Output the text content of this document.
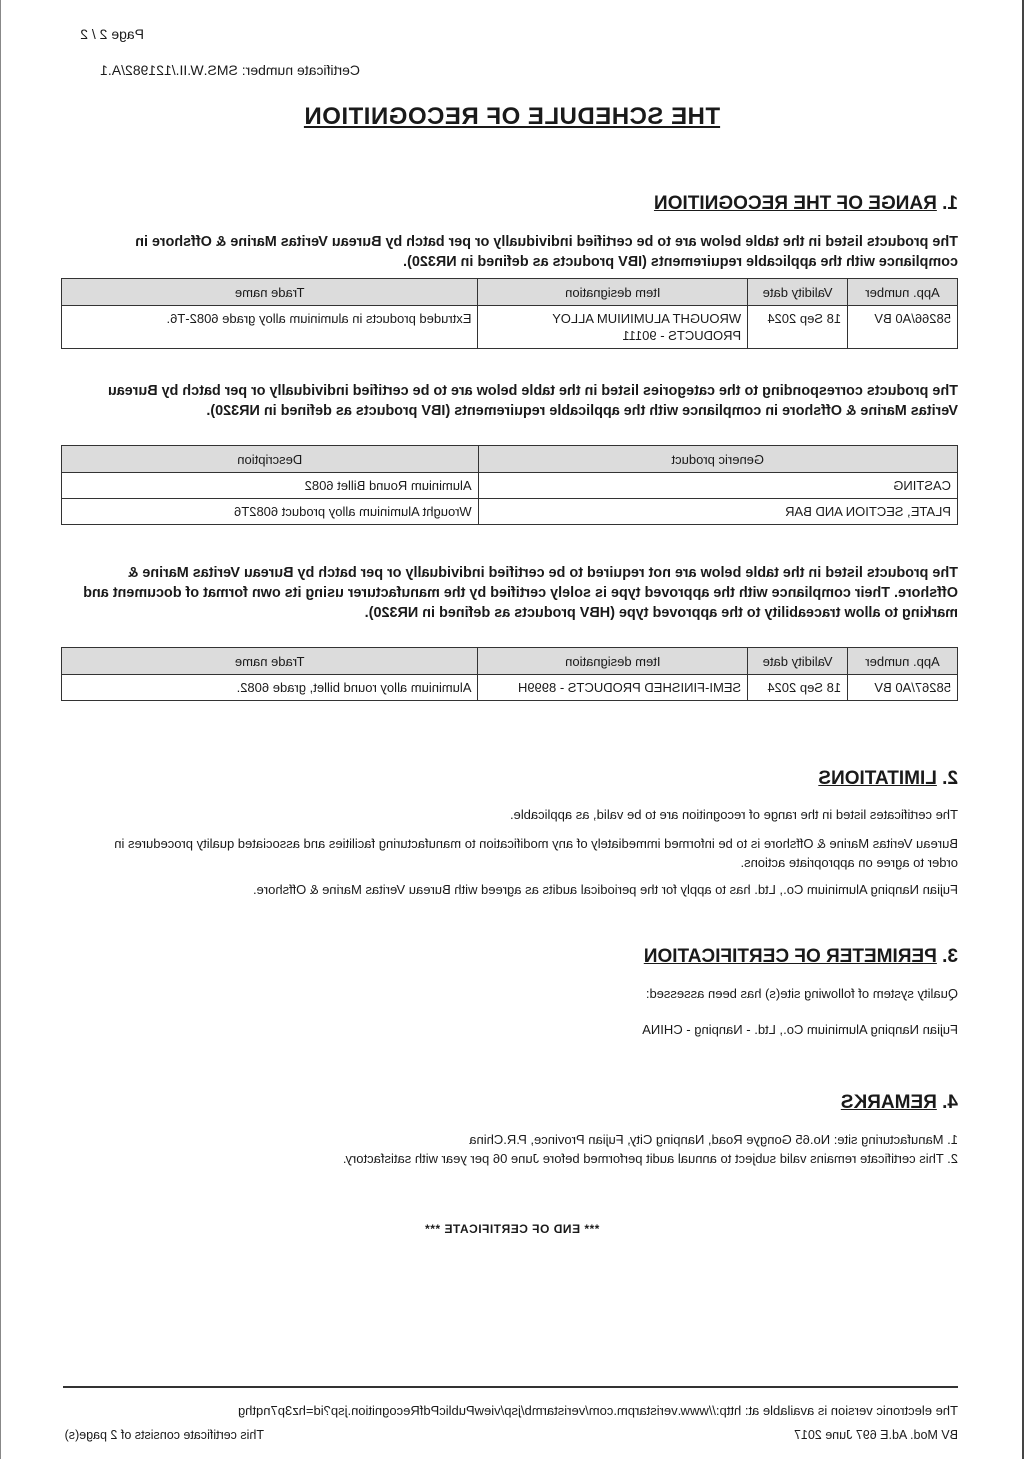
Page 2 / 2
Certificate number: SMS.W.II./121982/A.1
THE SCHEDULE OF RECOGNITION
1. RANGE OF THE RECOGNITION
The products listed in the table below are to be certified individually or per batch by Bureau Veritas Marine & Offshore in compliance with the applicable requirements (IBV products as defined in NR320).
App. number	Validity date	Item designation	Trade name
58266/A0 BV	18 Sep 2024	WROUGHT ALUMINIUM ALLOY PRODUCTS - 90111	Extruded products in aluminium alloy grade 6082-T6.
The products corresponding to the categories listed in the table below are to be certified individually or per batch by Bureau Veritas Marine & Offshore in compliance with the applicable requirements (IBV products as defined in NR320).
Generic product	Description
CASTING	Aluminium Round Billet 6082
PLATE, SECTION AND BAR	Wrought Aluminium alloy product 6082T6
The products listed in the table below are not required to be certified individually or per batch by Bureau Veritas Marine & Offshore. Their compliance with the approved type is solely certified by the manufacturer using its own format of document and marking to allow traceability to the approved type (HBV products as defined in NR320).
App. number	Validity date	Item designation	Trade name
58267/A0 BV	18 Sep 2024	SEMI-FINISHED PRODUCTS - 8999H	Aluminium alloy round billet, grade 6082.
2. LIMITATIONS
The certificates listed in the range of recognition are to be valid, as applicable.
Bureau Veritas Marine & Offshore is to be informed immediately of any modification to manufacturing facilities and associated quality procedures in order to agree on appropriate actions.
Fujian Nanping Aluminium Co., Ltd. has to apply for the periodical audits as agreed with Bureau Veritas Marine & Offshore.
3. PERIMETER OF CERTIFICATION
Quality system of following site(s) has been assessed:
Fujian Nanping Aluminium Co., Ltd. - Nanping - CHINA
4. REMARKS
1. Manufacturing site: No.65 Gongye Road, Nanping City, Fujian Province, P.R.China
2. This certificate remains valid subject to annual audit performed before June 06 per year with satisfactory.
*** END OF CERTIFICATE ***
The electronic version is available at: http://www.veristarpm.com/veristarmb/jsp/viewPublicPdfRecognition.jsp?id=hz3p7nqthg
BV Mod. Ad.E 697 June 2017
This certificate consists of 2 page(s)
